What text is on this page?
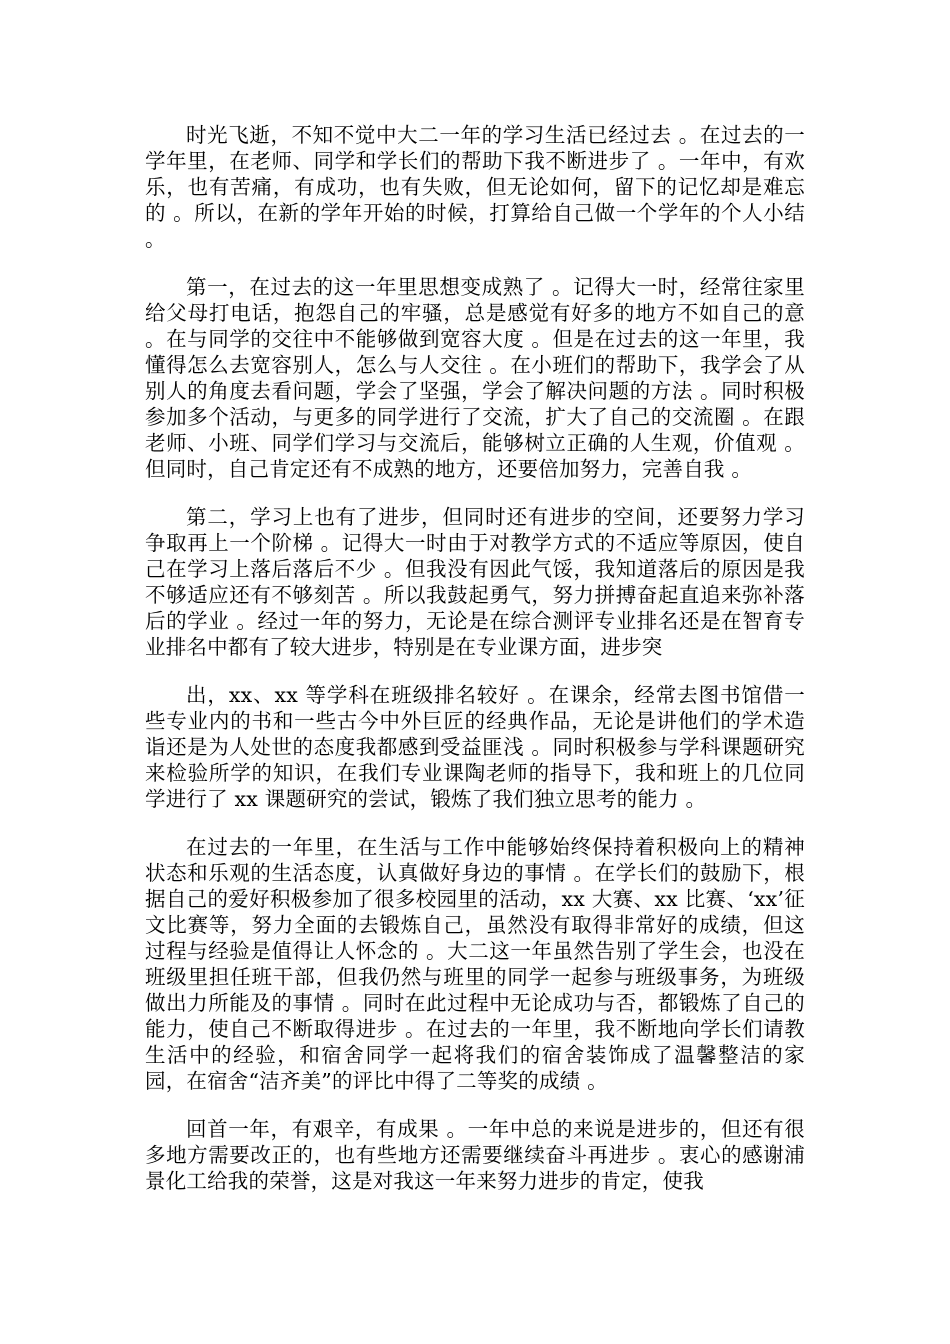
时光飞逝，不知不觉中大二一年的学习生活已经过去 。在过去的一学年里，在老师、同学和学长们的帮助下我不断进步了 。一年中，有欢乐，也有苦痛，有成功，也有失败，但无论如何，留下的记忆却是难忘的 。所以，在新的学年开始的时候，打算给自己做一个学年的个人小结 。

第一，在过去的这一年里思想变成熟了 。记得大一时，经常往家里给父母打电话，抱怨自己的牢骚，总是感觉有好多的地方不如自己的意 。在与同学的交往中不能够做到宽容大度 。但是在过去的这一年里，我懂得怎么去宽容别人，怎么与人交往 。在小班们的帮助下，我学会了从别人的角度去看问题，学会了坚强，学会了解决问题的方法 。同时积极参加多个活动，与更多的同学进行了交流，扩大了自己的交流圈 。在跟老师、小班、同学们学习与交流后，能够树立正确的人生观，价值观 。但同时，自己肯定还有不成熟的地方，还要倍加努力，完善自我 。

第二，学习上也有了进步，但同时还有进步的空间，还要努力学习争取再上一个阶梯 。记得大一时由于对教学方式的不适应等原因，使自己在学习上落后落后不少 。但我没有因此气馁，我知道落后的原因是我不够适应还有不够刻苦 。所以我鼓起勇气，努力拼搏奋起直追来弥补落后的学业 。经过一年的努力，无论是在综合测评专业排名还是在智育专业排名中都有了较大进步，特别是在专业课方面，进步突

出，xx、xx 等学科在班级排名较好 。在课余，经常去图书馆借一些专业内的书和一些古今中外巨匠的经典作品，无论是讲他们的学术造诣还是为人处世的态度我都感到受益匪浅 。同时积极参与学科课题研究来检验所学的知识，在我们专业课陶老师的指导下，我和班上的几位同学进行了 xx 课题研究的尝试，锻炼了我们独立思考的能力 。

在过去的一年里，在生活与工作中能够始终保持着积极向上的精神状态和乐观的生活态度，认真做好身边的事情 。在学长们的鼓励下，根据自己的爱好积极参加了很多校园里的活动，xx 大赛、xx 比赛、‘xx’征文比赛等，努力全面的去锻炼自己，虽然没有取得非常好的成绩，但这过程与经验是值得让人怀念的 。大二这一年虽然告别了学生会，也没在班级里担任班干部，但我仍然与班里的同学一起参与班级事务，为班级做出力所能及的事情 。同时在此过程中无论成功与否，都锻炼了自己的能力，使自己不断取得进步 。在过去的一年里，我不断地向学长们请教生活中的经验，和宿舍同学一起将我们的宿舍装饰成了温馨整洁的家园，在宿舍“洁齐美”的评比中得了二等奖的成绩 。

回首一年，有艰辛，有成果 。一年中总的来说是进步的，但还有很多地方需要改正的，也有些地方还需要继续奋斗再进步 。衷心的感谢浦景化工给我的荣誉，这是对我这一年来努力进步的肯定，使我
